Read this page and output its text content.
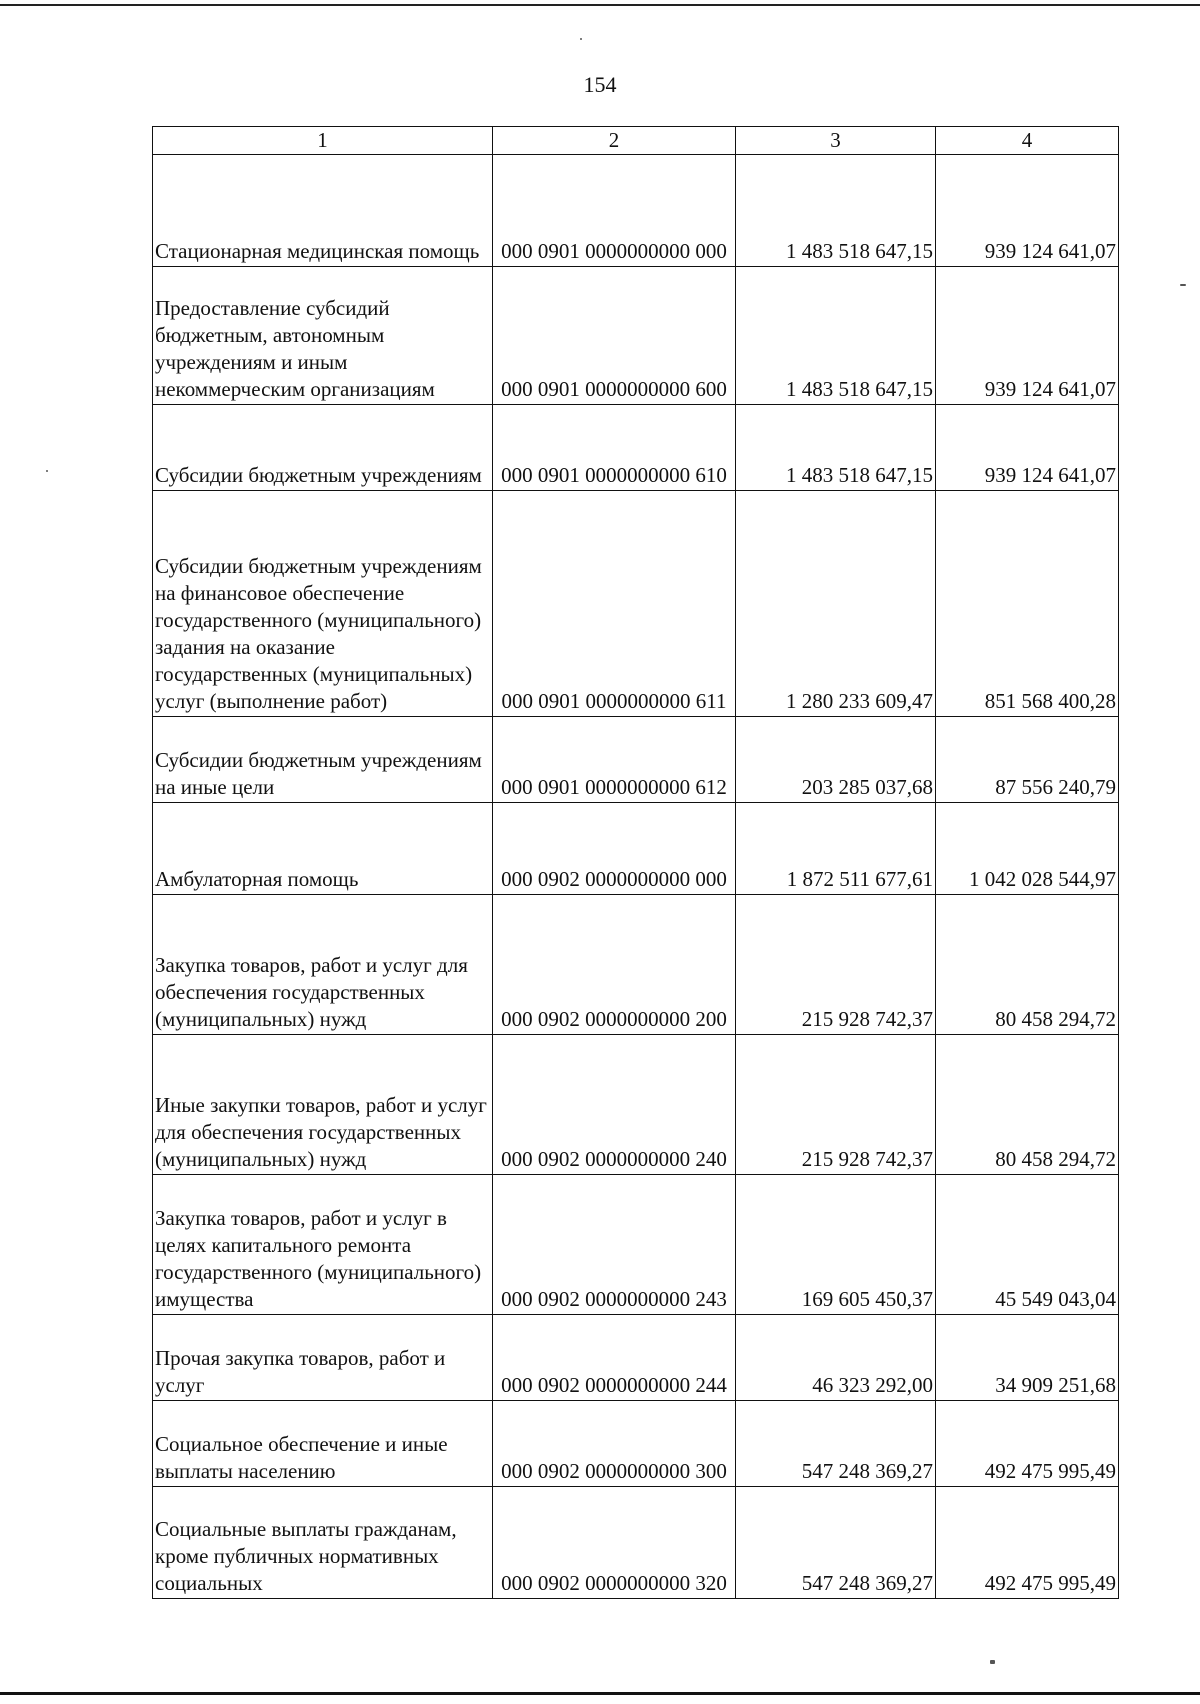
154
1	2	3	4
Стационарная медицинская помощь	000 0901 0000000000 000	1 483 518 647,15	939 124 641,07
Предоставление субсидий бюджетным, автономным учреждениям и иным некоммерческим организациям	000 0901 0000000000 600	1 483 518 647,15	939 124 641,07
Субсидии бюджетным учреждениям	000 0901 0000000000 610	1 483 518 647,15	939 124 641,07
Субсидии бюджетным учреждениям на финансовое обеспечение государственного (муниципального) задания на оказание государственных (муниципальных) услуг (выполнение работ)	000 0901 0000000000 611	1 280 233 609,47	851 568 400,28
Субсидии бюджетным учреждениям на иные цели	000 0901 0000000000 612	203 285 037,68	87 556 240,79
Амбулаторная помощь	000 0902 0000000000 000	1 872 511 677,61	1 042 028 544,97
Закупка товаров, работ и услуг для обеспечения государственных (муниципальных) нужд	000 0902 0000000000 200	215 928 742,37	80 458 294,72
Иные закупки товаров, работ и услуг для обеспечения государственных (муниципальных) нужд	000 0902 0000000000 240	215 928 742,37	80 458 294,72
Закупка товаров, работ и услуг в целях капитального ремонта государственного (муниципального) имущества	000 0902 0000000000 243	169 605 450,37	45 549 043,04
Прочая закупка товаров, работ и услуг	000 0902 0000000000 244	46 323 292,00	34 909 251,68
Социальное обеспечение и иные выплаты населению	000 0902 0000000000 300	547 248 369,27	492 475 995,49
Социальные выплаты гражданам, кроме публичных нормативных социальных	000 0902 0000000000 320	547 248 369,27	492 475 995,49
